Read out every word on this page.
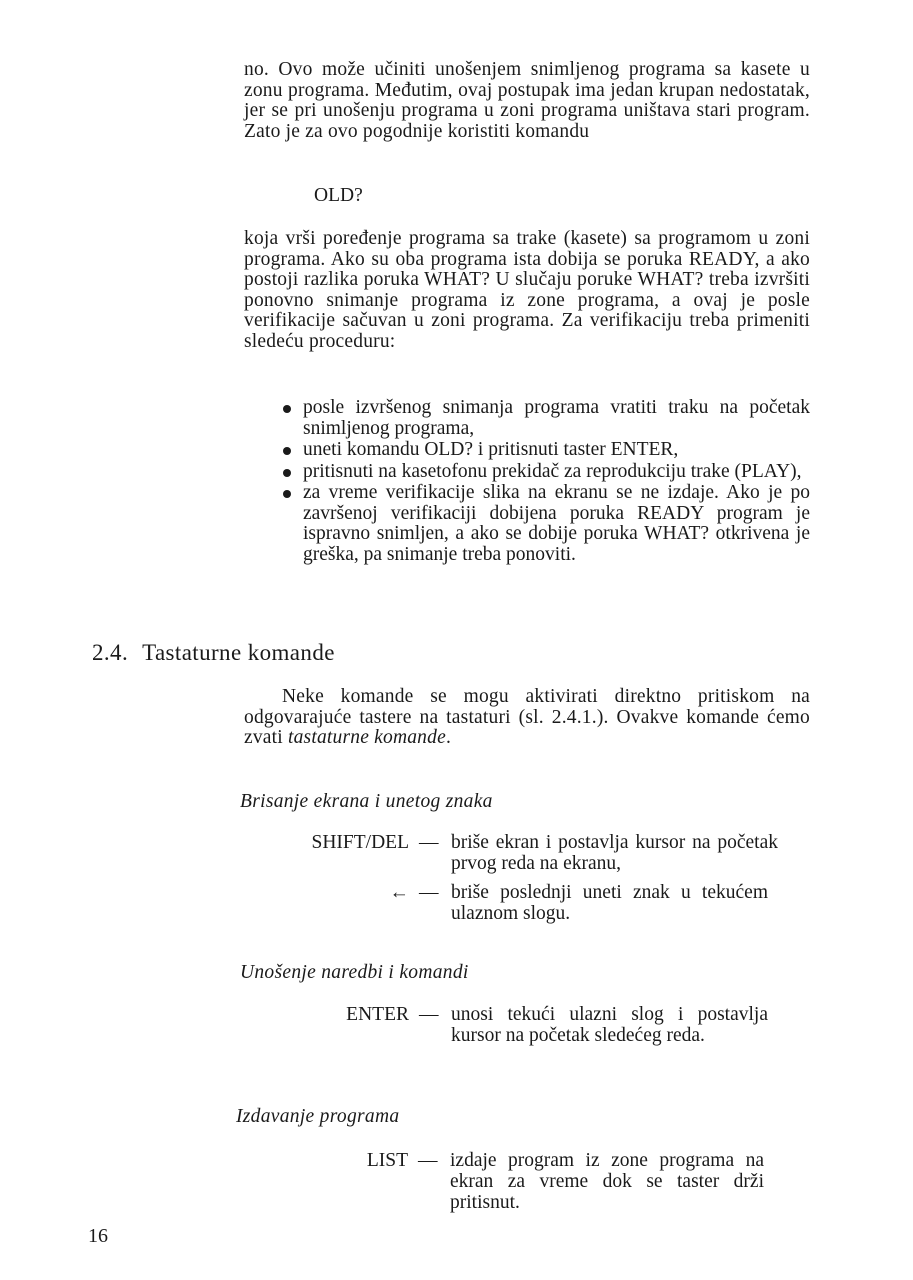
no. Ovo može učiniti unošenjem snimljenog programa sa kasete u zonu programa. Međutim, ovaj postupak ima jedan krupan nedostatak, jer se pri unošenju programa u zoni programa uništava stari program. Zato je za ovo pogodnije koristiti komandu

OLD?

koja vrši poređenje programa sa trake (kasete) sa programom u zoni programa. Ako su oba programa ista dobija se poruka READY, a ako postoji razlika poruka WHAT? U slučaju poruke WHAT? treba izvršiti ponovno snimanje programa iz zone programa, a ovaj je posle verifikacije sačuvan u zoni programa. Za verifikaciju treba primeniti sledeću proceduru:

posle izvršenog snimanja programa vratiti traku na početak snimljenog programa,
uneti komandu OLD? i pritisnuti taster ENTER,
pritisnuti na kasetofonu prekidač za reprodukciju trake (PLAY),
za vreme verifikacije slika na ekranu se ne izdaje. Ako je po završenoj verifikaciji dobijena poruka READY program je ispravno snimljen, a ako se dobije poruka WHAT? otkrivena je greška, pa snimanje treba ponoviti.
2.4. Tastaturne komande

Neke komande se mogu aktivirati direktno pritiskom na odgovarajuće tastere na tastaturi (sl. 2.4.1.). Ovakve komande ćemo zvati tastaturne komande.

Brisanje ekrana i unetog znaka
SHIFT/DEL — briše ekran i postavlja kursor na početak prvog reda na ekranu,
← — briše poslednji uneti znak u tekućem ulaznom slogu.
Unošenje naredbi i komandi
ENTER — unosi tekući ulazni slog i postavlja kursor na početak sledećeg reda.
Izdavanje programa
LIST — izdaje program iz zone programa na ekran za vreme dok se taster drži pritisnut.
16
